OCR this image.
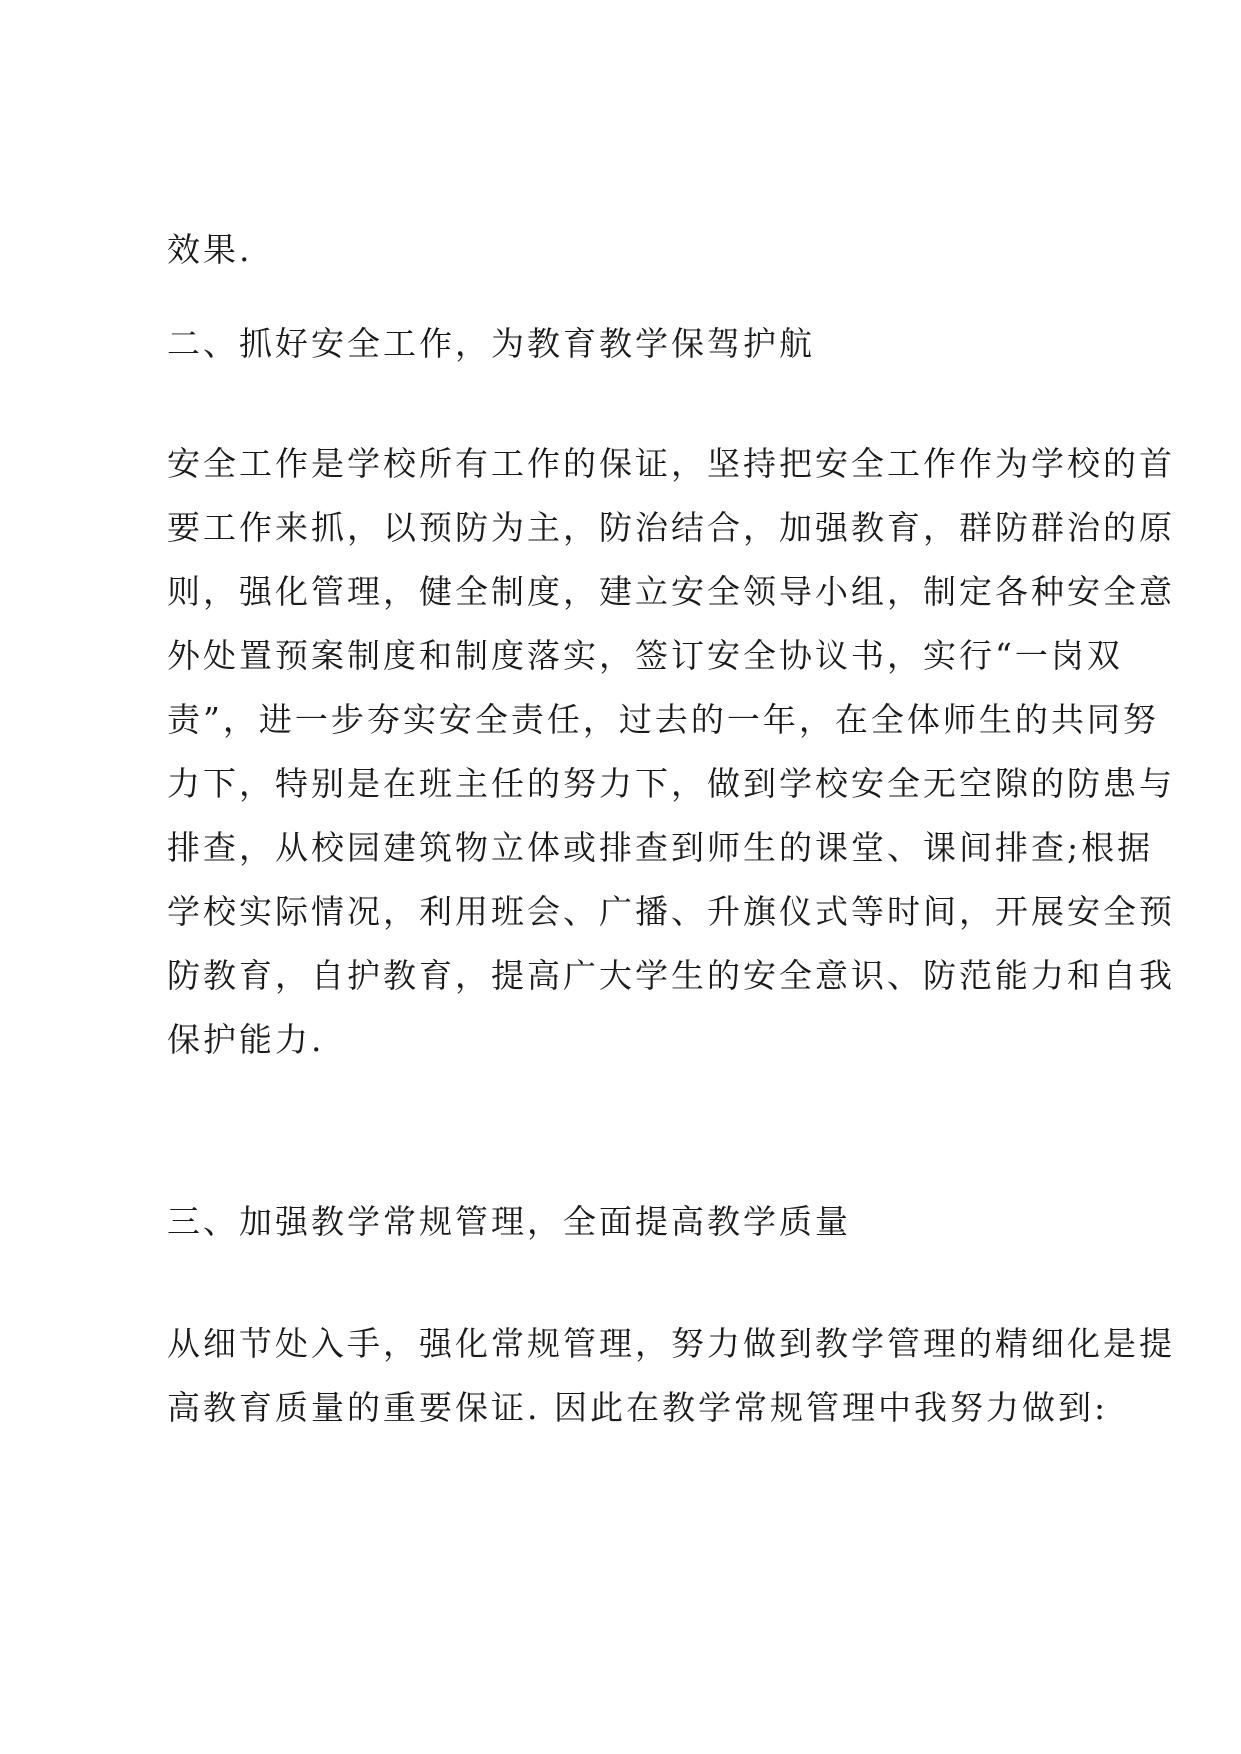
效果.

二、抓好安全工作，为教育教学保驾护航
安全工作是学校所有工作的保证，坚持把安全工作作为学校的首
要工作来抓，以预防为主，防治结合，加强教育，群防群治的原
则，强化管理，健全制度，建立安全领导小组，制定各种安全意
外处置预案制度和制度落实，签订安全协议书，实行“一岗双
责”，进一步夯实安全责任，过去的一年，在全体师生的共同努
力下，特别是在班主任的努力下，做到学校安全无空隙的防患与
排查，从校园建筑物立体或排查到师生的课堂、课间排查;根据
学校实际情况，利用班会、广播、升旗仪式等时间，开展安全预
防教育，自护教育，提高广大学生的安全意识、防范能力和自我
保护能力.
三、加强教学常规管理，全面提高教学质量
从细节处入手，强化常规管理，努力做到教学管理的精细化是提
高教育质量的重要保证. 因此在教学常规管理中我努力做到:
